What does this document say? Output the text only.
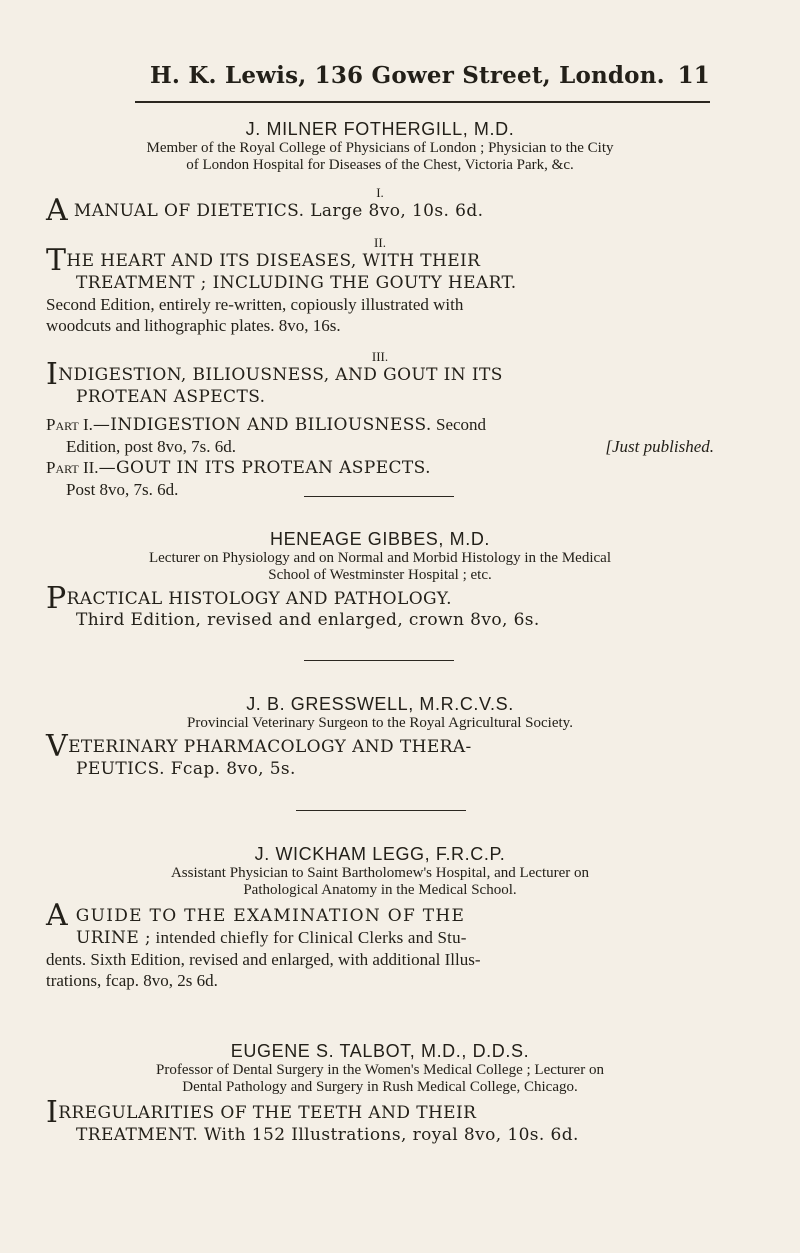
H. K. Lewis, 136 Gower Street, London. 11

J. MILNER FOTHERGILL, M.D.

Member of the Royal College of Physicians of London ; Physician to the City

of London Hospital for Diseases of the Chest, Victoria Park, &c.

I.

A MANUAL OF DIETETICS. Large 8vo, 10s. 6d.

II.

THE HEART AND ITS DISEASES, WITH THEIR
TREATMENT ; INCLUDING THE GOUTY HEART.

Second Edition, entirely re-written, copiously illustrated with

woodcuts and lithographic plates. 8vo, 16s.

III.

INDIGESTION, BILIOUSNESS, AND GOUT IN ITS
PROTEAN ASPECTS.

Part I.—INDIGESTION AND BILIOUSNESS. Second

Edition, post 8vo, 7s. 6d.	[Just published.

Part II.—GOUT IN ITS PROTEAN ASPECTS.

Post 8vo, 7s. 6d.

HENEAGE GIBBES, M.D.

Lecturer on Physiology and on Normal and Morbid Histology in the Medical

School of Westminster Hospital ; etc.

PRACTICAL HISTOLOGY AND PATHOLOGY.
Third Edition, revised and enlarged, crown 8vo, 6s.

J. B. GRESSWELL, M.R.C.V.S.

Provincial Veterinary Surgeon to the Royal Agricultural Society.

VETERINARY PHARMACOLOGY AND THERA-
PEUTICS. Fcap. 8vo, 5s.

J. WICKHAM LEGG, F.R.C.P.

Assistant Physician to Saint Bartholomew's Hospital, and Lecturer on

Pathological Anatomy in the Medical School.

A GUIDE TO THE EXAMINATION OF THE

URINE ; intended chiefly for Clinical Clerks and Stu-

dents. Sixth Edition, revised and enlarged, with additional Illus-

trations, fcap. 8vo, 2s 6d.

EUGENE S. TALBOT, M.D., D.D.S.

Professor of Dental Surgery in the Women's Medical College ; Lecturer on

Dental Pathology and Surgery in Rush Medical College, Chicago.

IRREGULARITIES OF THE TEETH AND THEIR
TREATMENT. With 152 Illustrations, royal 8vo, 10s. 6d.
